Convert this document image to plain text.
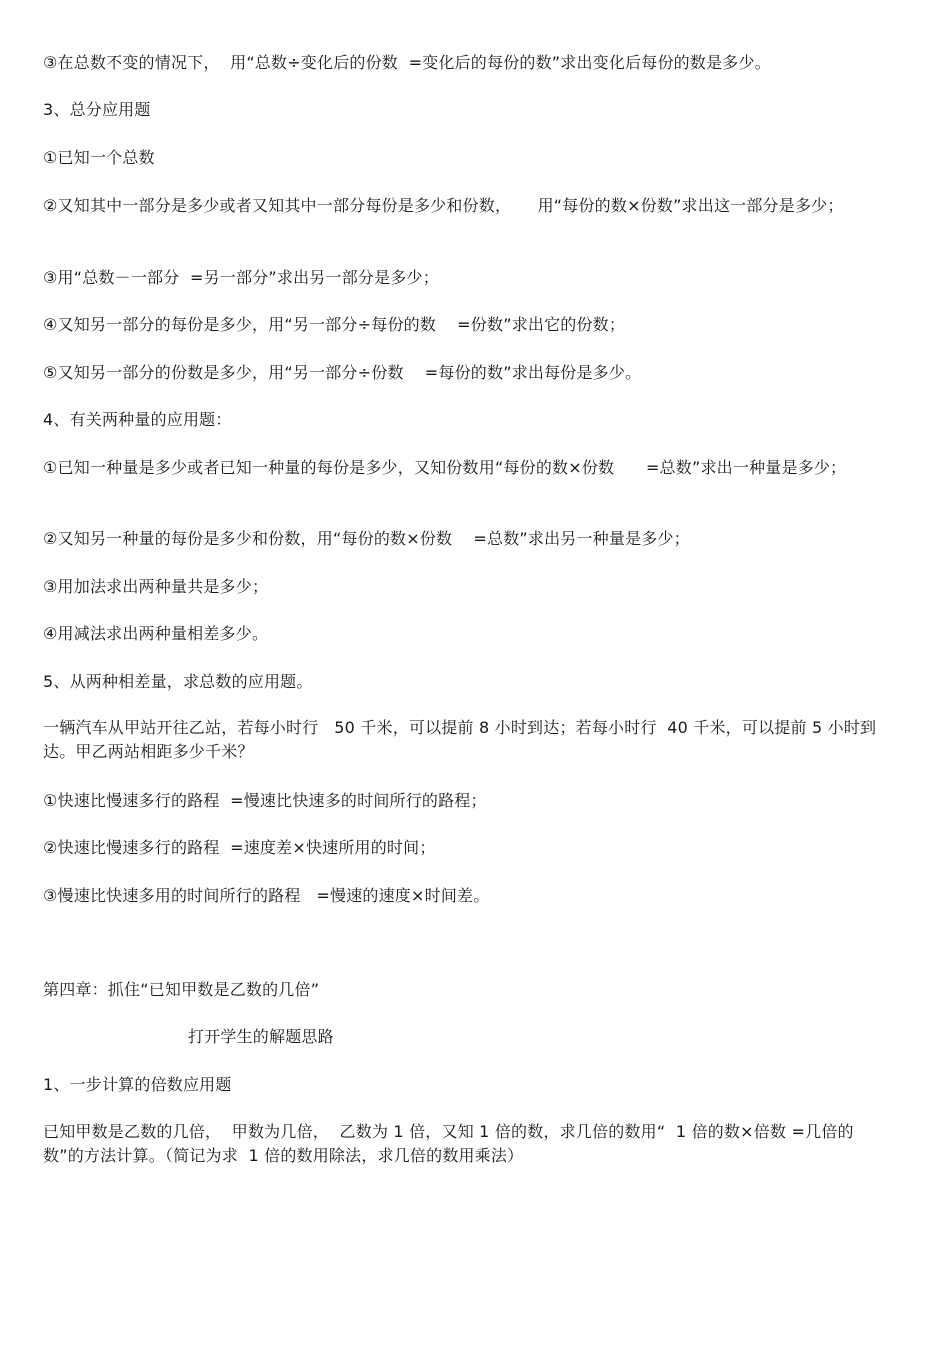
③在总数不变的情况下，  用“总数÷变化后的份数  =变化后的每份的数”求出变化后每份的数是多少。
3、总分应用题
①已知一个总数
②又知其中一部分是多少或者又知其中一部分每份是多少和份数，     用“每份的数×份数”求出这一部分是多少；
③用“总数－一部分  =另一部分”求出另一部分是多少；
④又知另一部分的每份是多少，用“另一部分÷每份的数    =份数”求出它的份数；
⑤又知另一部分的份数是多少，用“另一部分÷份数    =每份的数”求出每份是多少。
4、有关两种量的应用题：
①已知一种量是多少或者已知一种量的每份是多少，又知份数用“每份的数×份数      =总数”求出一种量是多少；
②又知另一种量的每份是多少和份数，用“每份的数×份数    =总数”求出另一种量是多少；
③用加法求出两种量共是多少；
④用减法求出两种量相差多少。
5、从两种相差量，求总数的应用题。
一辆汽车从甲站开往乙站，若每小时行   50 千米，可以提前 8 小时到达；若每小时行  40 千米，可以提前 5 小时到达。甲乙两站相距多少千米？
①快速比慢速多行的路程  =慢速比快速多的时间所行的路程；
②快速比慢速多行的路程  =速度差×快速所用的时间；
③慢速比快速多用的时间所行的路程   =慢速的速度×时间差。
第四章：抓住“已知甲数是乙数的几倍”
打开学生的解题思路
1、一步计算的倍数应用题
已知甲数是乙数的几倍，  甲数为几倍，  乙数为 1 倍，又知 1 倍的数，求几倍的数用“  1 倍的数×倍数 =几倍的数”的方法计算。（简记为求  1 倍的数用除法，求几倍的数用乘法）
